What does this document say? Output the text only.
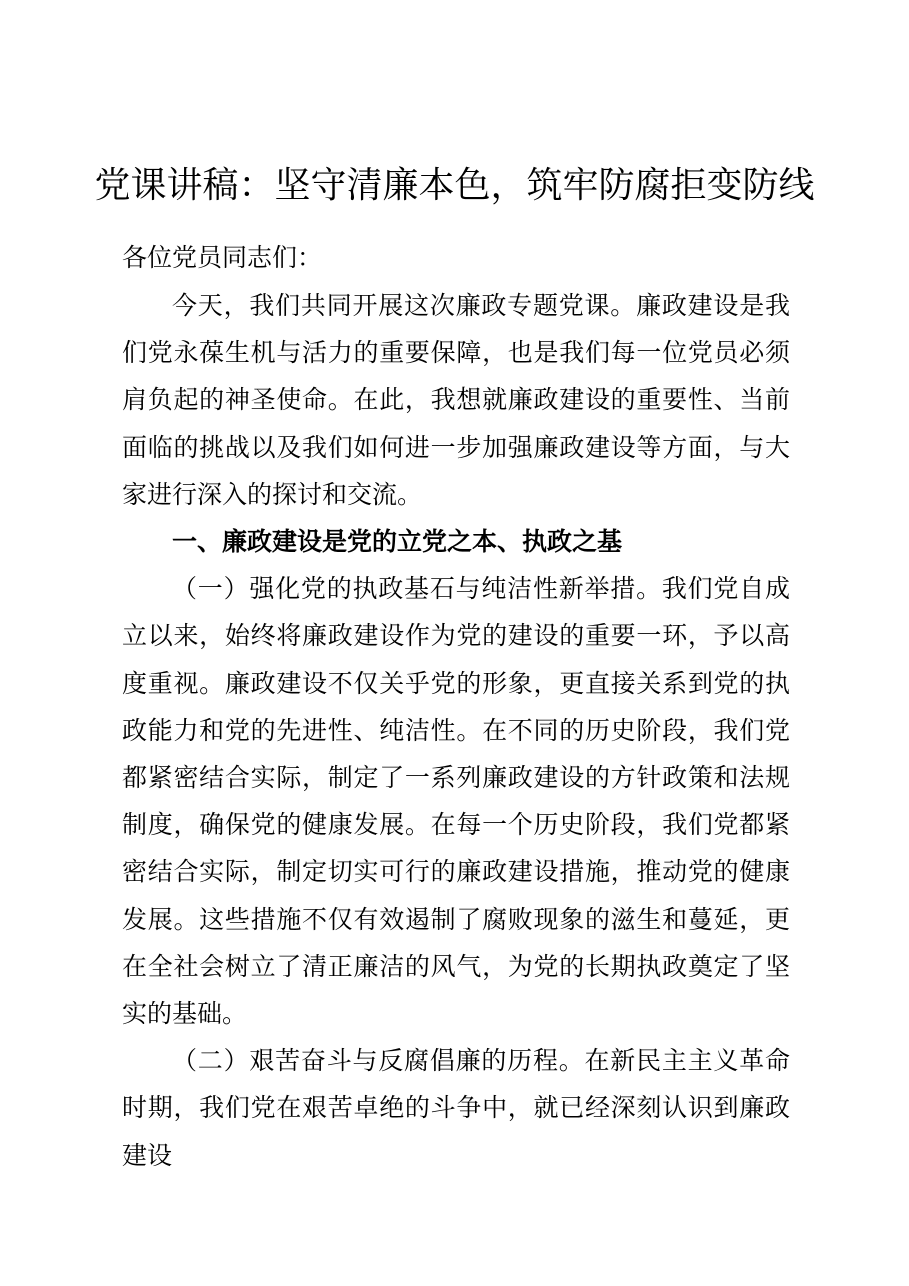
党课讲稿：坚守清廉本色，筑牢防腐拒变防线

各位党员同志们：

今天，我们共同开展这次廉政专题党课。廉政建设是我们党永葆生机与活力的重要保障，也是我们每一位党员必须肩负起的神圣使命。在此，我想就廉政建设的重要性、当前面临的挑战以及我们如何进一步加强廉政建设等方面，与大家进行深入的探讨和交流。

一、廉政建设是党的立党之本、执政之基

（一）强化党的执政基石与纯洁性新举措。我们党自成立以来，始终将廉政建设作为党的建设的重要一环，予以高度重视。廉政建设不仅关乎党的形象，更直接关系到党的执政能力和党的先进性、纯洁性。在不同的历史阶段，我们党都紧密结合实际，制定了一系列廉政建设的方针政策和法规制度，确保党的健康发展。在每一个历史阶段，我们党都紧密结合实际，制定切实可行的廉政建设措施，推动党的健康发展。这些措施不仅有效遏制了腐败现象的滋生和蔓延，更在全社会树立了清正廉洁的风气，为党的长期执政奠定了坚实的基础。

（二）艰苦奋斗与反腐倡廉的历程。在新民主主义革命时期，我们党在艰苦卓绝的斗争中，就已经深刻认识到廉政建设
